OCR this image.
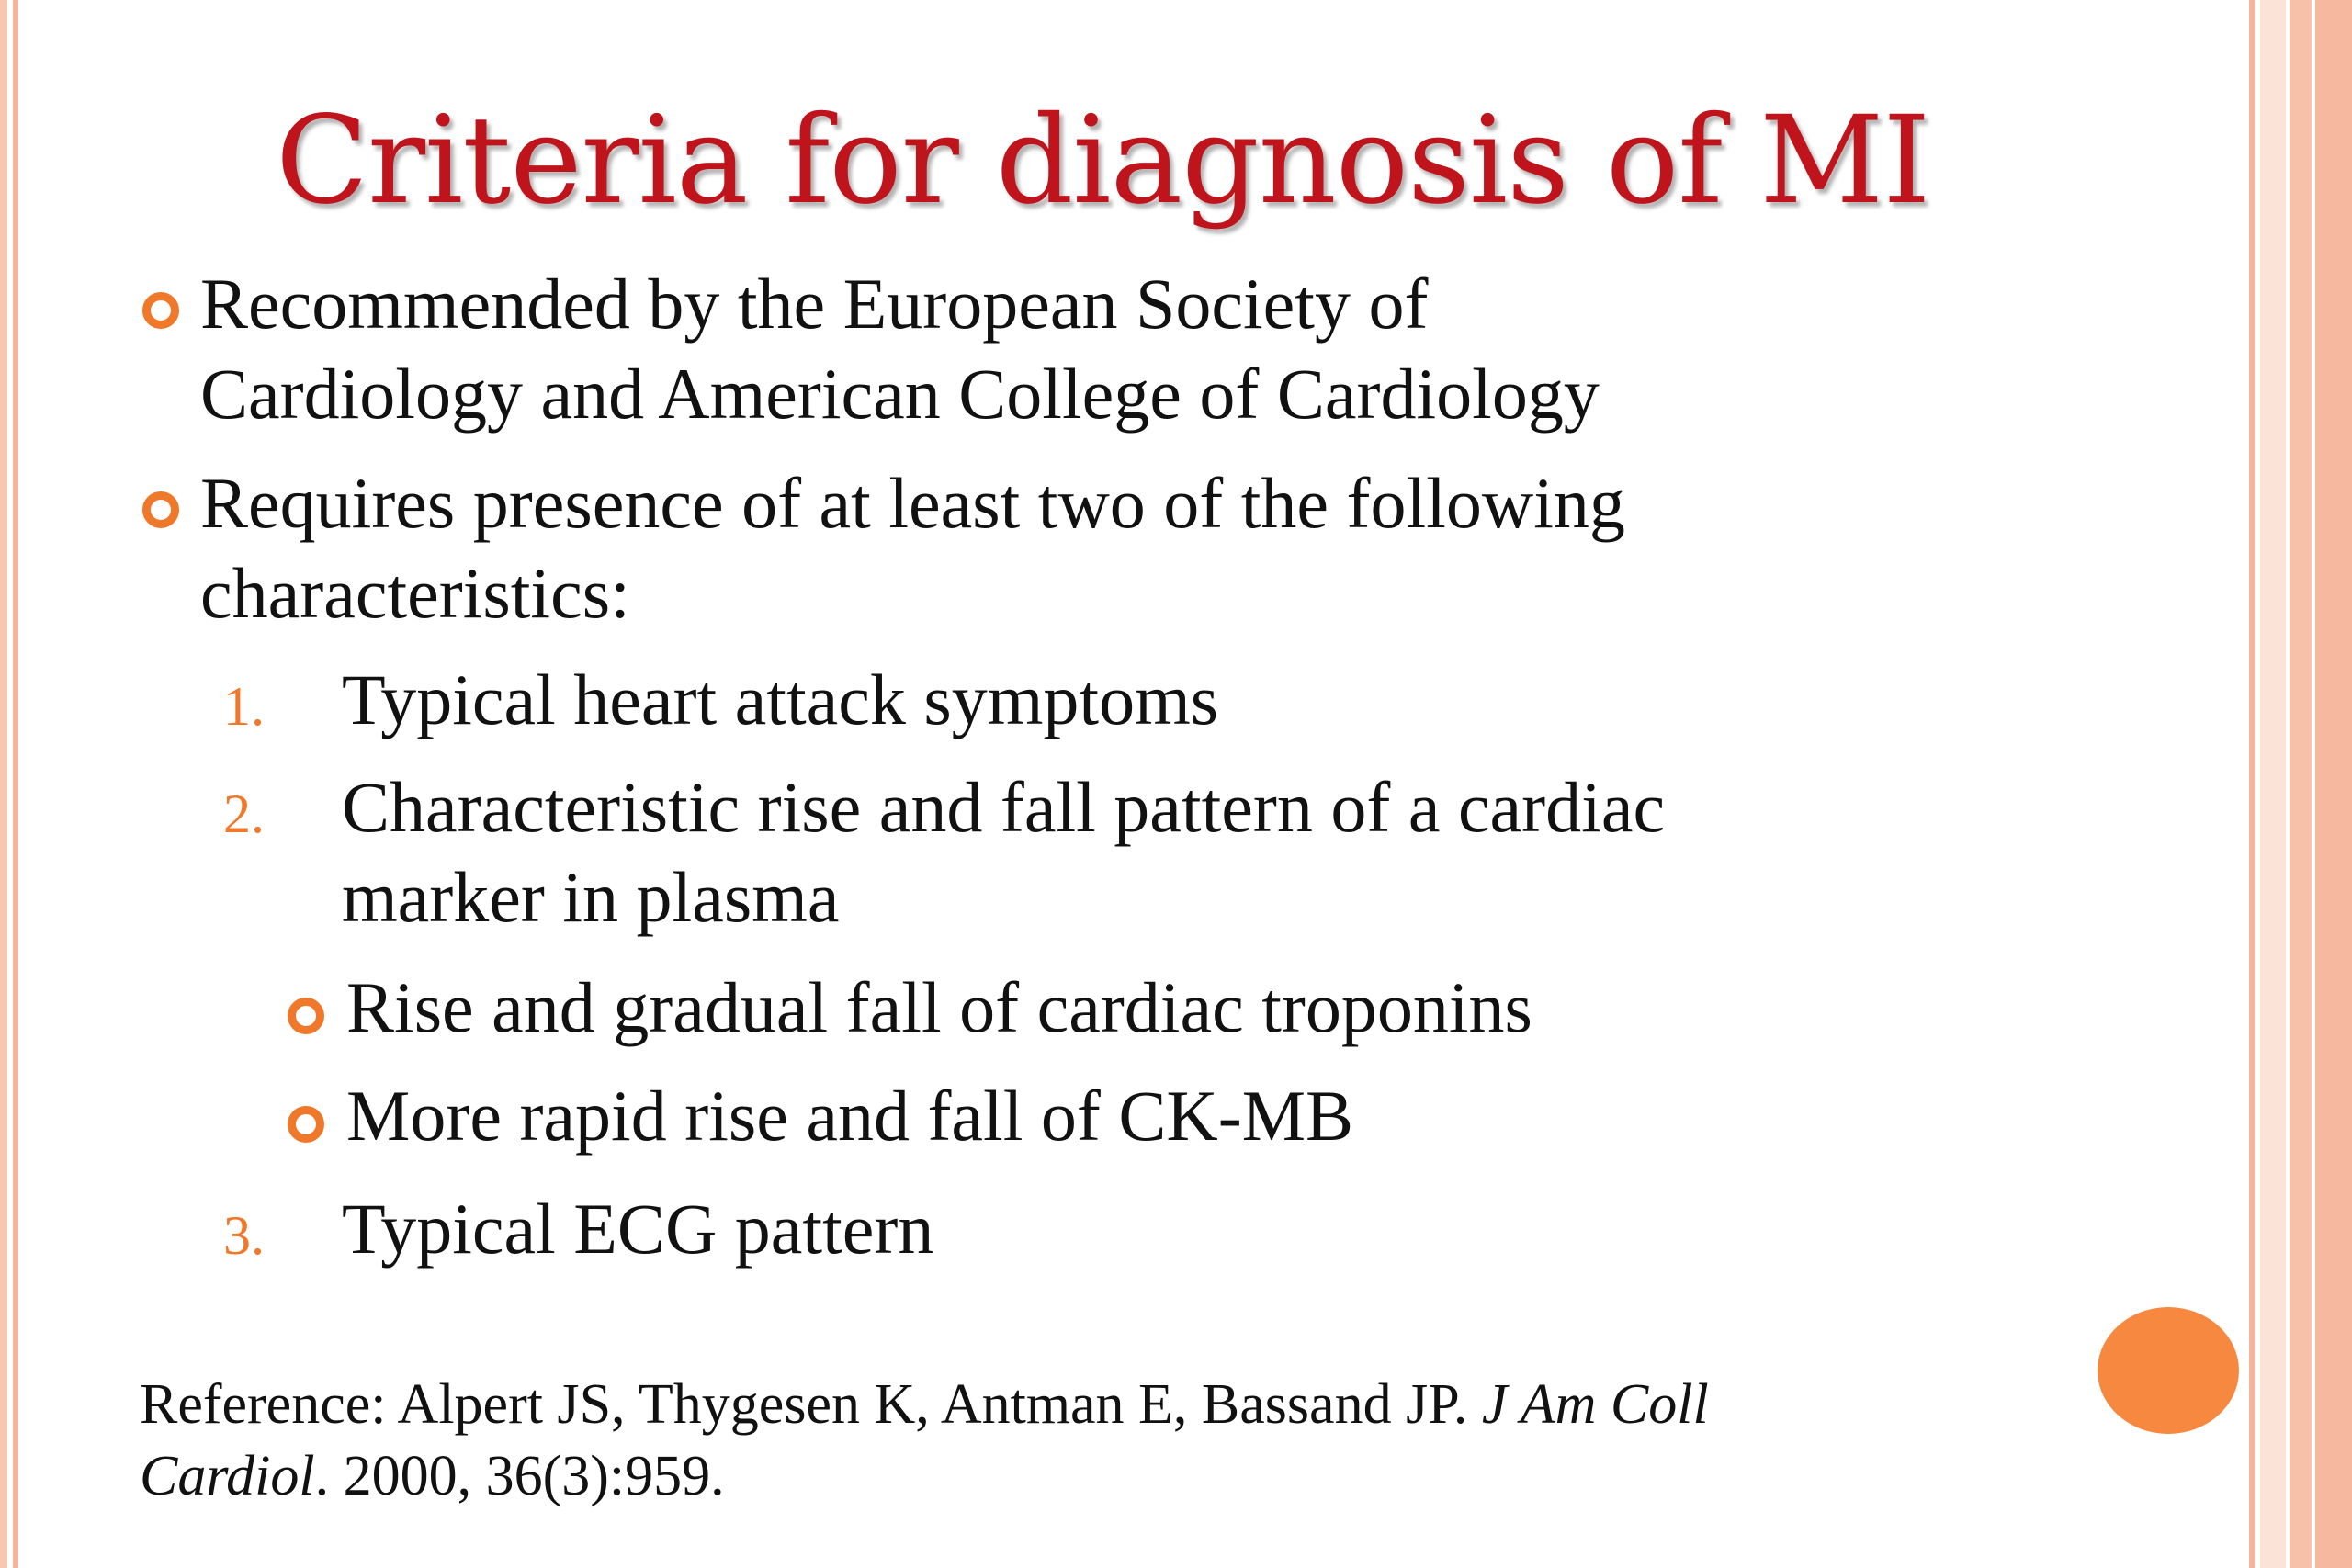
Criteria for diagnosis of MI
Recommended by the European Society of
Cardiology and American College of Cardiology
Requires presence of at least two of the following
characteristics:
1. Typical heart attack symptoms
2. Characteristic rise and fall pattern of a cardiac
marker in plasma
Rise and gradual fall of cardiac troponins
More rapid rise and fall of CK-MB
3. Typical ECG pattern
Reference: Alpert JS, Thygesen K, Antman E, Bassand JP. J Am Coll
Cardiol. 2000, 36(3):959.
